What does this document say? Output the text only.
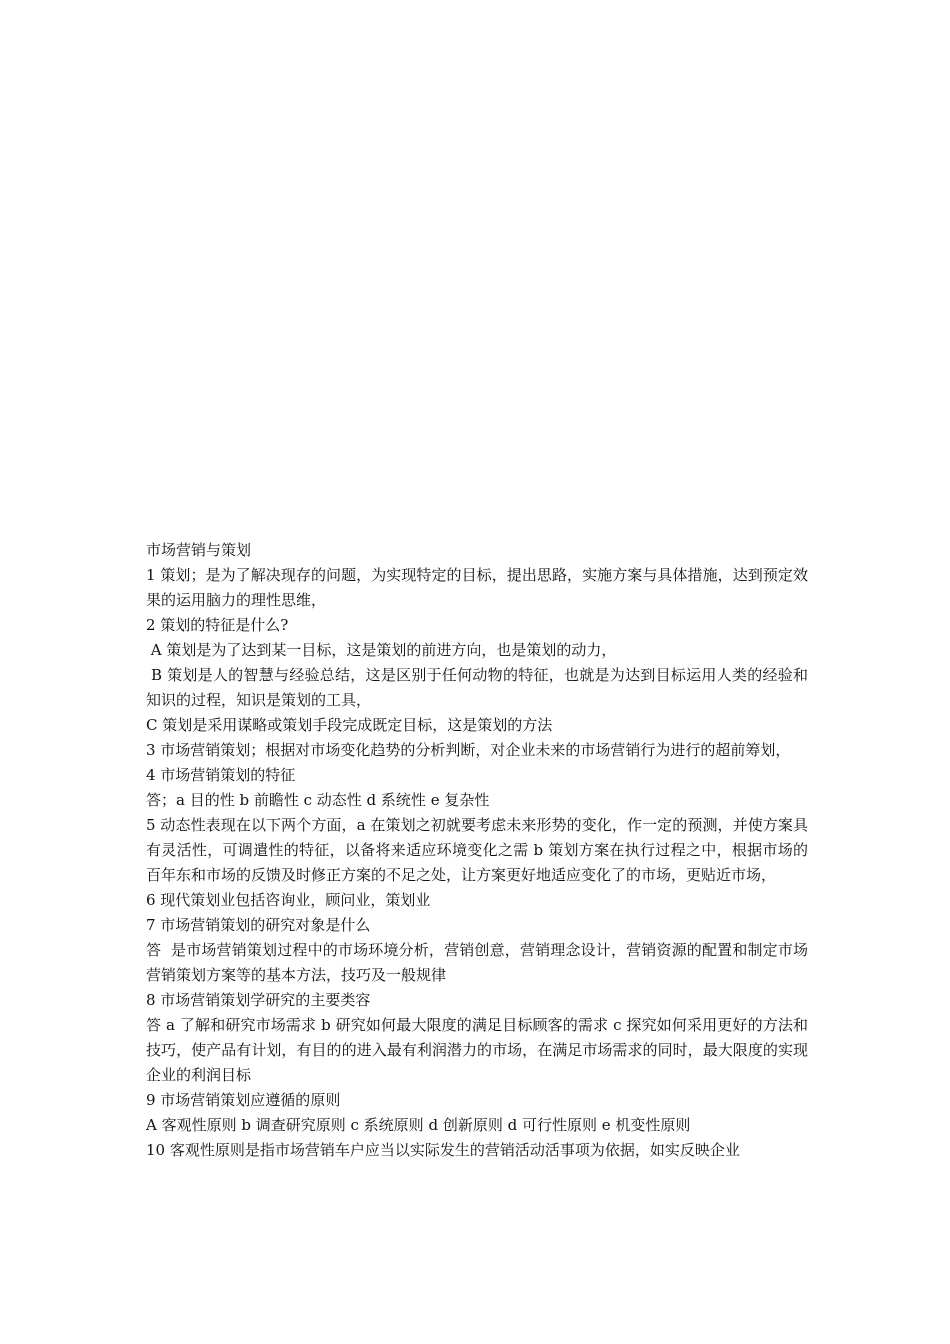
市场营销与策划

1 策划；是为了解决现存的问题，为实现特定的目标，提出思路，实施方案与具体措施，达到预定效果的运用脑力的理性思维，

2 策划的特征是什么?

A 策划是为了达到某一目标，这是策划的前进方向，也是策划的动力，

B 策划是人的智慧与经验总结，这是区别于任何动物的特征，也就是为达到目标运用人类的经验和知识的过程，知识是策划的工具，

C 策划是采用谋略或策划手段完成既定目标，这是策划的方法

3 市场营销策划；根据对市场变化趋势的分析判断，对企业未来的市场营销行为进行的超前筹划，

4 市场营销策划的特征

答；a 目的性 b 前瞻性 c 动态性 d 系统性 e 复杂性

5 动态性表现在以下两个方面，a 在策划之初就要考虑未来形势的变化，作一定的预测，并使方案具有灵活性，可调遣性的特征，以备将来适应环境变化之需 b 策划方案在执行过程之中，根据市场的百年东和市场的反馈及时修正方案的不足之处，让方案更好地适应变化了的市场，更贴近市场，

6 现代策划业包括咨询业，顾问业，策划业

7 市场营销策划的研究对象是什么

答  是市场营销策划过程中的市场环境分析，营销创意，营销理念设计，营销资源的配置和制定市场营销策划方案等的基本方法，技巧及一般规律

8 市场营销策划学研究的主要类容

答 a 了解和研究市场需求 b 研究如何最大限度的满足目标顾客的需求 c 探究如何采用更好的方法和技巧，使产品有计划，有目的的进入最有利润潜力的市场，在满足市场需求的同时，最大限度的实现企业的利润目标

9 市场营销策划应遵循的原则

A 客观性原则 b 调查研究原则 c 系统原则 d 创新原则 d 可行性原则 e 机变性原则

10 客观性原则是指市场营销车户应当以实际发生的营销活动活事项为依据，如实反映企业
